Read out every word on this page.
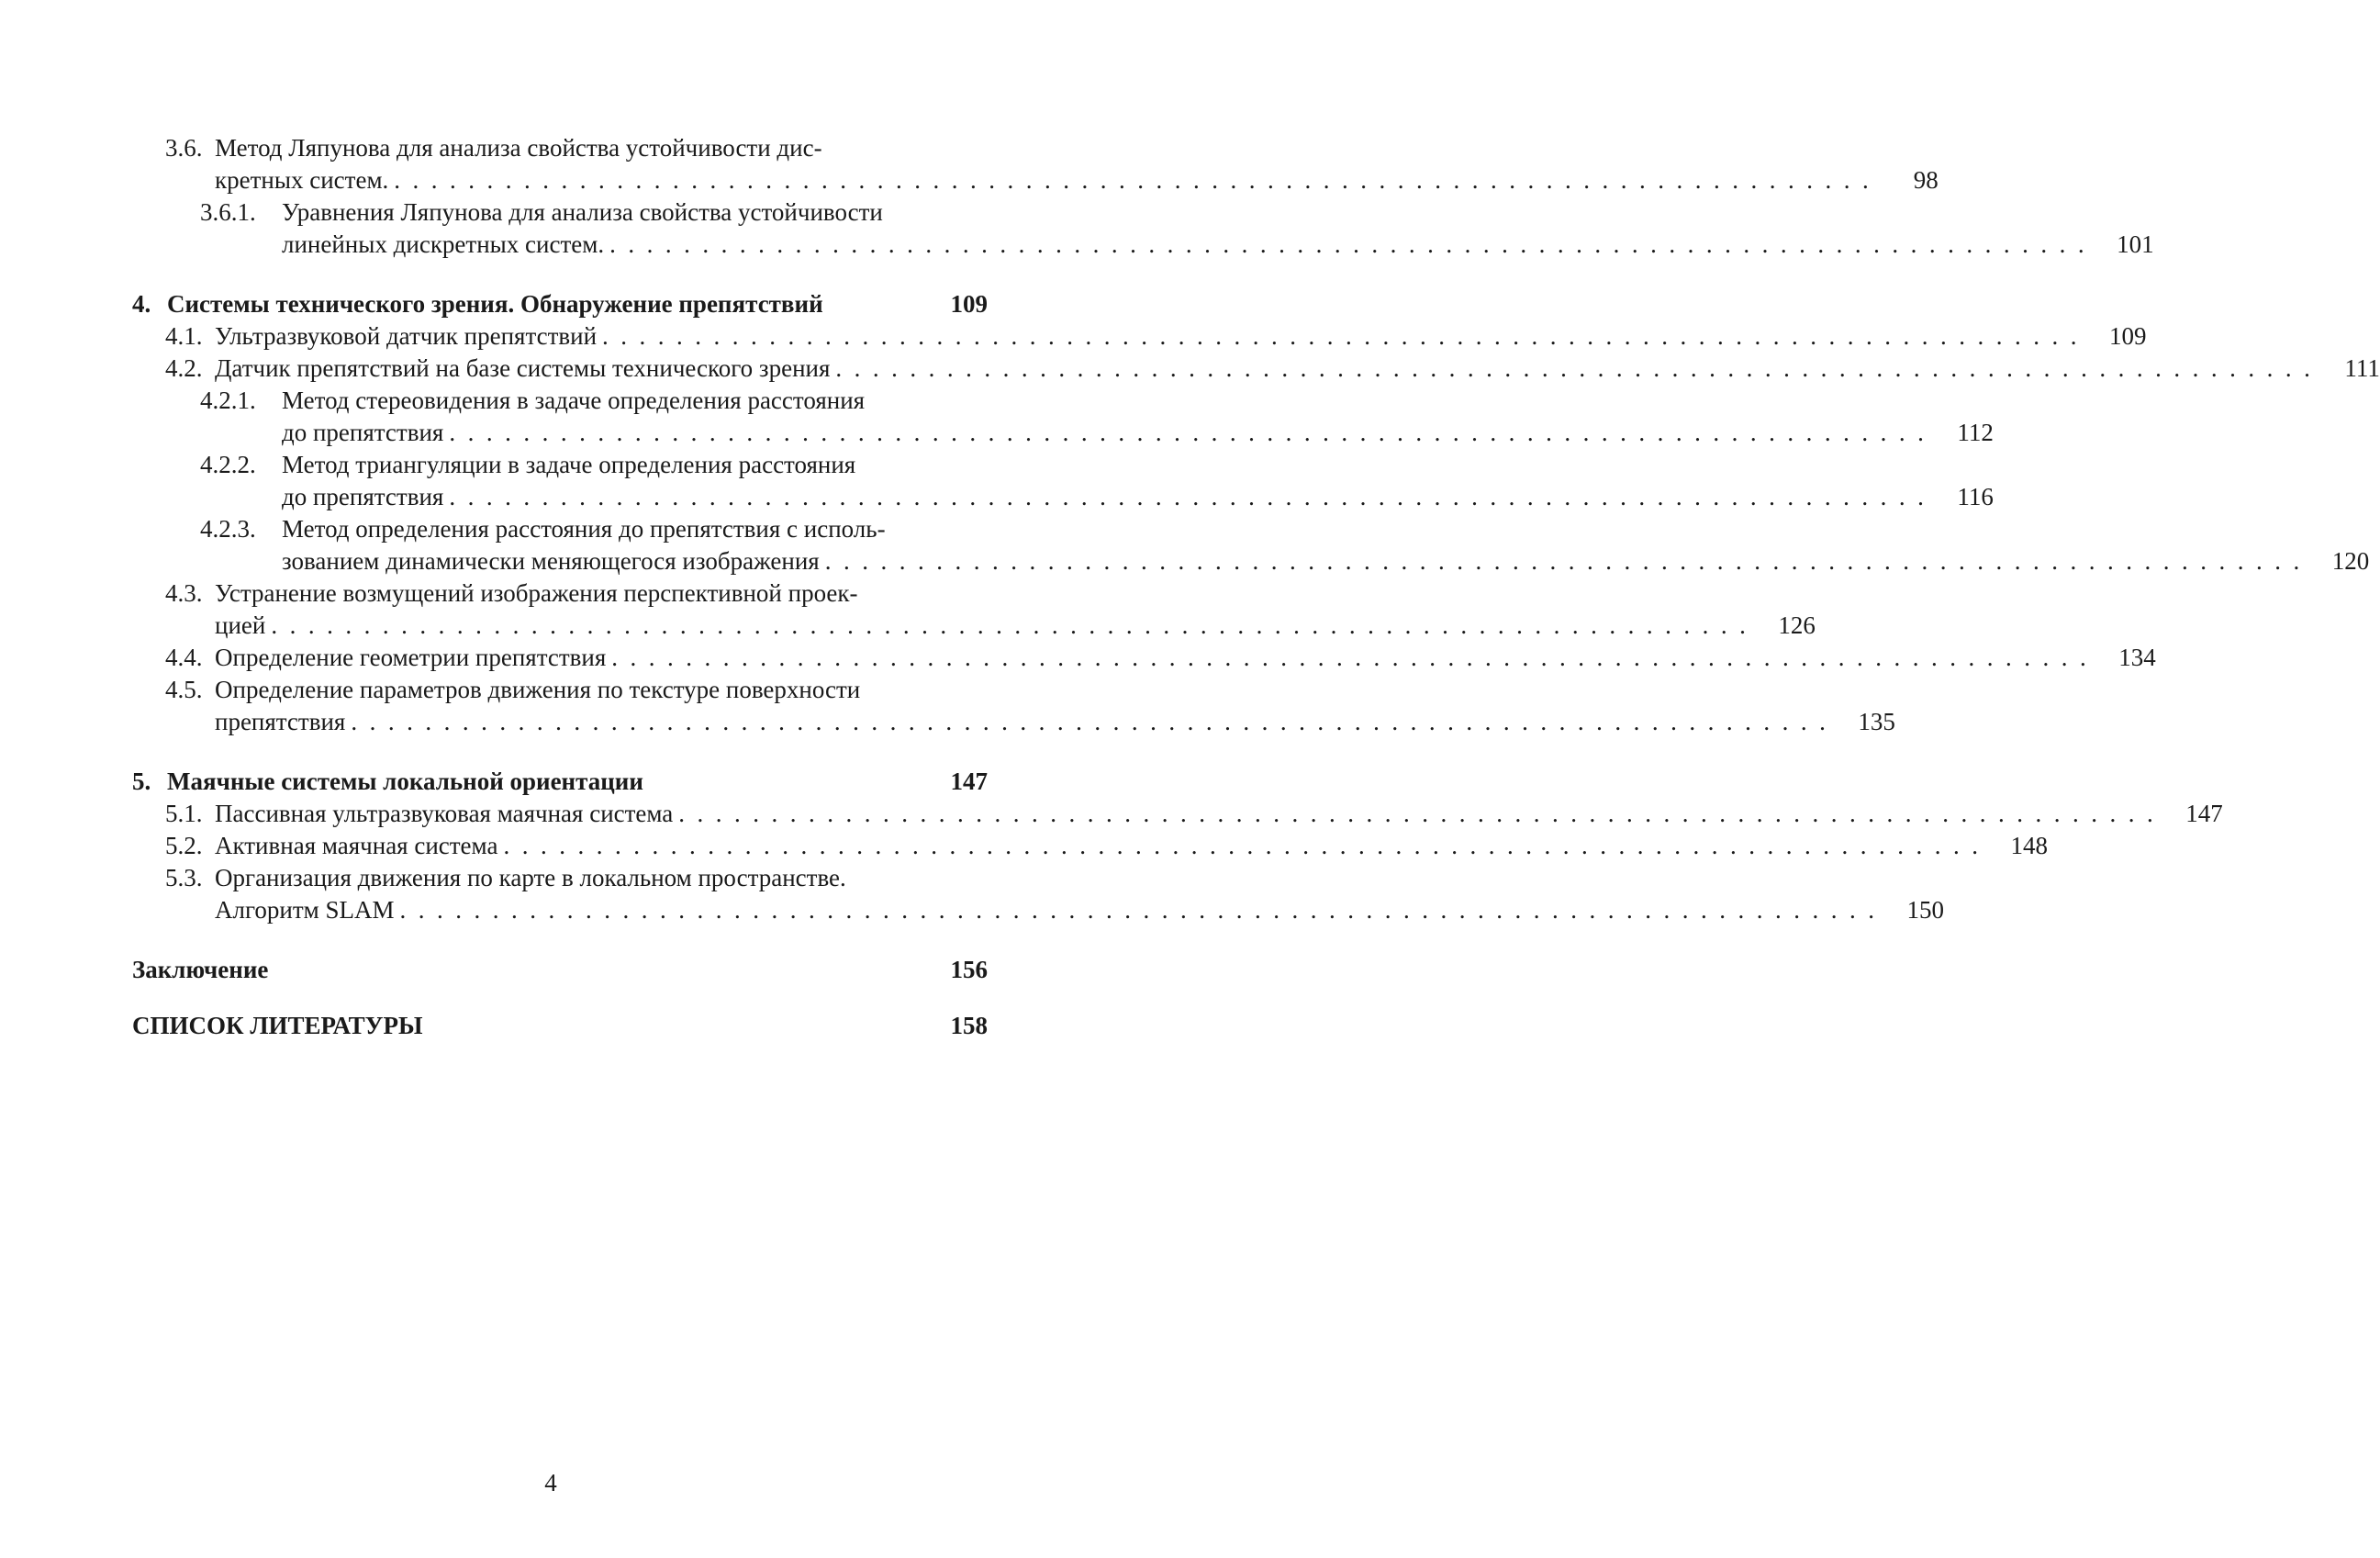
3.6. Метод Ляпунова для анализа свойства устойчивости дис-
кретных систем. . . . . . . . . . . . . . . . . . . . . . . . . . . . . . . . . . . . . . . . . . . . . . . . . . . . . . . . . . . . . . . . . . . . . . . . . . . . . . . . .	98
3.6.1.	Уравнения Ляпунова для анализа свойства устойчивости
линейных дискретных систем. . . . . . . . . . . . . . . . . . . . . . . . . . . . . . . . . . . . . . . . . . . . . . . . . . . . . . . . . . . . . . . . . . . . . . . . . . . . . . . . .	101
4. Системы технического зрения. Обнаружение препятствий	109
4.1. Ультразвуковой датчик препятствий . . . . . . . . . . . . . . . . . . . . . . . . . . . . . . . . . . . . . . . . . . . . . . . . . . . . . . . . . . . . . . . . . . . . . . . . . . . . . . . .	109
4.2. Датчик препятствий на базе системы технического зрения . . . . . . . . . . . . . . . . . . . . . . . . . . . . . . . . . . . . . . . . . . . . . . . . . . . . . . . . . . . . . . . . . . . . . . . . . . . . . . . .	111
4.2.1.	Метод стереовидения в задаче определения расстояния
до препятствия . . . . . . . . . . . . . . . . . . . . . . . . . . . . . . . . . . . . . . . . . . . . . . . . . . . . . . . . . . . . . . . . . . . . . . . . . . . . . . . .	112
4.2.2.	Метод триангуляции в задаче определения расстояния
до препятствия . . . . . . . . . . . . . . . . . . . . . . . . . . . . . . . . . . . . . . . . . . . . . . . . . . . . . . . . . . . . . . . . . . . . . . . . . . . . . . . .	116
4.2.3.	Метод определения расстояния до препятствия с исполь-
зованием динамически меняющегося изображения . . . . . . . . . . . . . . . . . . . . . . . . . . . . . . . . . . . . . . . . . . . . . . . . . . . . . . . . . . . . . . . . . . . . . . . . . . . . . . . .	120
4.3. Устранение возмущений изображения перспективной проек-
цией . . . . . . . . . . . . . . . . . . . . . . . . . . . . . . . . . . . . . . . . . . . . . . . . . . . . . . . . . . . . . . . . . . . . . . . . . . . . . . . .	126
4.4. Определение геометрии препятствия . . . . . . . . . . . . . . . . . . . . . . . . . . . . . . . . . . . . . . . . . . . . . . . . . . . . . . . . . . . . . . . . . . . . . . . . . . . . . . . .	134
4.5. Определение параметров движения по текстуре поверхности
препятствия . . . . . . . . . . . . . . . . . . . . . . . . . . . . . . . . . . . . . . . . . . . . . . . . . . . . . . . . . . . . . . . . . . . . . . . . . . . . . . . .	135
5. Маячные системы локальной ориентации	147
5.1. Пассивная ультразвуковая маячная система . . . . . . . . . . . . . . . . . . . . . . . . . . . . . . . . . . . . . . . . . . . . . . . . . . . . . . . . . . . . . . . . . . . . . . . . . . . . . . . .	147
5.2. Активная маячная система . . . . . . . . . . . . . . . . . . . . . . . . . . . . . . . . . . . . . . . . . . . . . . . . . . . . . . . . . . . . . . . . . . . . . . . . . . . . . . . .	148
5.3. Организация движения по карте в локальном пространстве.
Алгоритм SLAM . . . . . . . . . . . . . . . . . . . . . . . . . . . . . . . . . . . . . . . . . . . . . . . . . . . . . . . . . . . . . . . . . . . . . . . . . . . . . . . .	150
Заключение	156
СПИСОК ЛИТЕРАТУРЫ	158
4
